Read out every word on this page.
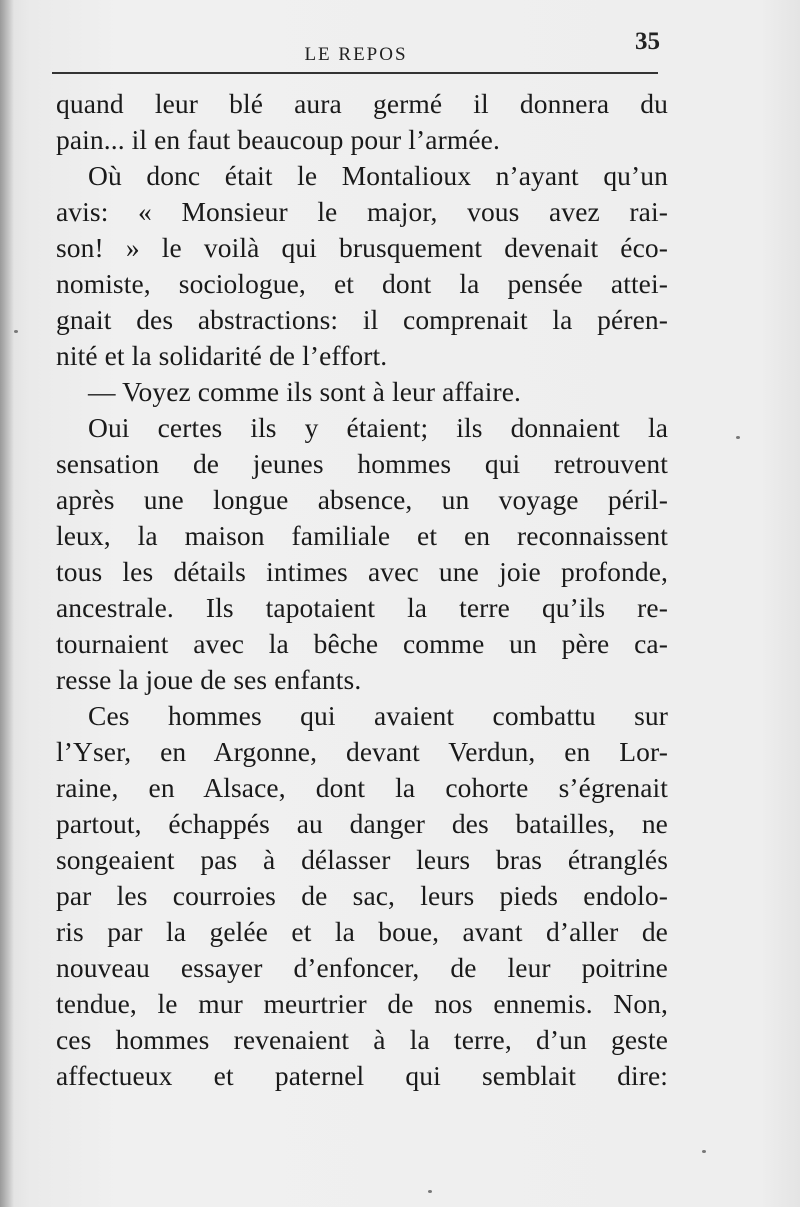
LE REPOS	35
quand leur blé aura germé il donnera du
pain... il en faut beaucoup pour l’armée.
Où donc était le Montalioux n’ayant qu’un
avis: « Monsieur le major, vous avez rai-
son! » le voilà qui brusquement devenait éco-
nomiste, sociologue, et dont la pensée attei-
gnait des abstractions: il comprenait la péren-
nité et la solidarité de l’effort.
— Voyez comme ils sont à leur affaire.
Oui certes ils y étaient; ils donnaient la
sensation de jeunes hommes qui retrouvent
après une longue absence, un voyage péril-
leux, la maison familiale et en reconnaissent
tous les détails intimes avec une joie profonde,
ancestrale. Ils tapotaient la terre qu’ils re-
tournaient avec la bêche comme un père ca-
resse la joue de ses enfants.
Ces hommes qui avaient combattu sur
l’Yser, en Argonne, devant Verdun, en Lor-
raine, en Alsace, dont la cohorte s’égrenait
partout, échappés au danger des batailles, ne
songeaient pas à délasser leurs bras étranglés
par les courroies de sac, leurs pieds endolo-
ris par la gelée et la boue, avant d’aller de
nouveau essayer d’enfoncer, de leur poitrine
tendue, le mur meurtrier de nos ennemis. Non,
ces hommes revenaient à la terre, d’un geste
affectueux et paternel qui semblait dire:
